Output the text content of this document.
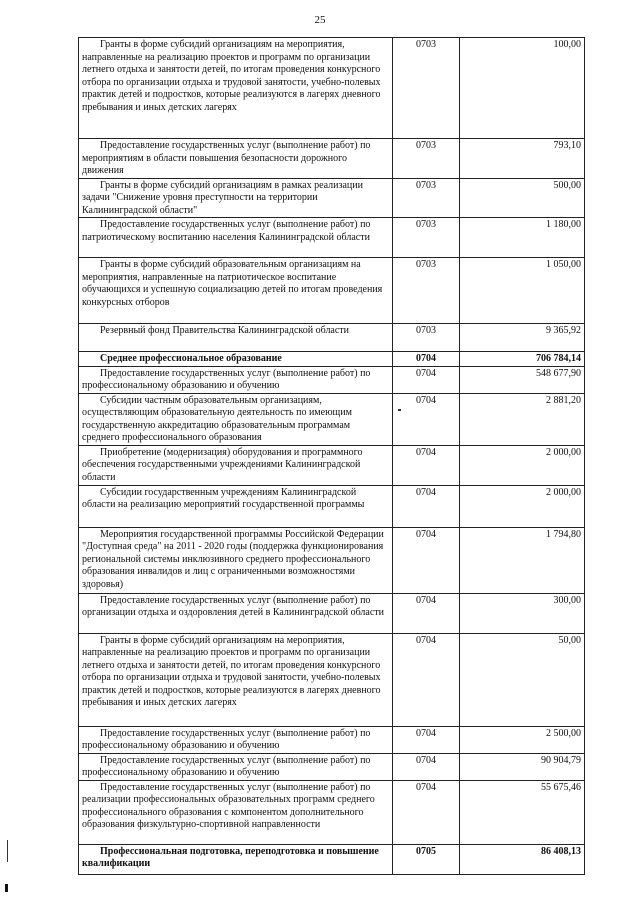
25
Гранты в форме субсидий организациям на мероприятия, направленные на реализацию проектов и программ по организации летнего отдыха и занятости детей, по итогам проведения конкурсного отбора по организации отдыха и трудовой занятости, учебно-полевых практик детей и подростков, которые реализуются в лагерях дневного пребывания и иных детских лагерях	0703	100,00

Предоставление государственных услуг (выполнение работ) по мероприятиям в области повышения безопасности дорожного движения	0703	793,10

Гранты в форме субсидий организациям в рамках реализации задачи "Снижение уровня преступности на территории Калининградской области"	0703	500,00

Предоставление государственных услуг (выполнение работ) по патриотическому воспитанию населения Калининградской области	0703	1 180,00

Гранты в форме субсидий образовательным организациям на мероприятия, направленные на патриотическое воспитание обучающихся и успешную социализацию детей по итогам проведения конкурсных отборов	0703	1 050,00

Резервный фонд Правительства Калининградской области	0703	9 365,92

Среднее профессиональное образование	0704	706 784,14

Предоставление государственных услуг (выполнение работ) по профессиональному образованию и обучению	0704	548 677,90

Субсидии частным образовательным организациям, осуществляющим образовательную деятельность по имеющим государственную аккредитацию образовательным программам среднего профессионального образования	0704	2 881,20

Приобретение (модернизация) оборудования и программного обеспечения государственными учреждениями Калининградской области	0704	2 000,00

Субсидии государственным учреждениям Калининградской области на реализацию мероприятий государственной программы	0704	2 000,00

Мероприятия государственной программы Российской Федерации "Доступная среда" на 2011 - 2020 годы (поддержка функционирования региональной системы инклюзивного среднего профессионального образования инвалидов и лиц с ограниченными возможностями здоровья)	0704	1 794,80

Предоставление государственных услуг (выполнение работ) по организации отдыха и оздоровления детей в Калининградской области	0704	300,00

Гранты в форме субсидий организациям на мероприятия, направленные на реализацию проектов и программ по организации летнего отдыха и занятости детей, по итогам проведения конкурсного отбора по организации отдыха и трудовой занятости, учебно-полевых практик детей и подростков, которые реализуются в лагерях дневного пребывания и иных детских лагерях	0704	50,00

Предоставление государственных услуг (выполнение работ) по профессиональному образованию и обучению	0704	2 500,00

Предоставление государственных услуг (выполнение работ) по профессиональному образованию и обучению	0704	90 904,79

Предоставление государственных услуг (выполнение работ) по реализации профессиональных образовательных программ среднего профессионального образования с компонентом дополнительного образования физкультурно-спортивной направленности	0704	55 675,46

Профессиональная подготовка, переподготовка и повышение квалификации	0705	86 408,13
